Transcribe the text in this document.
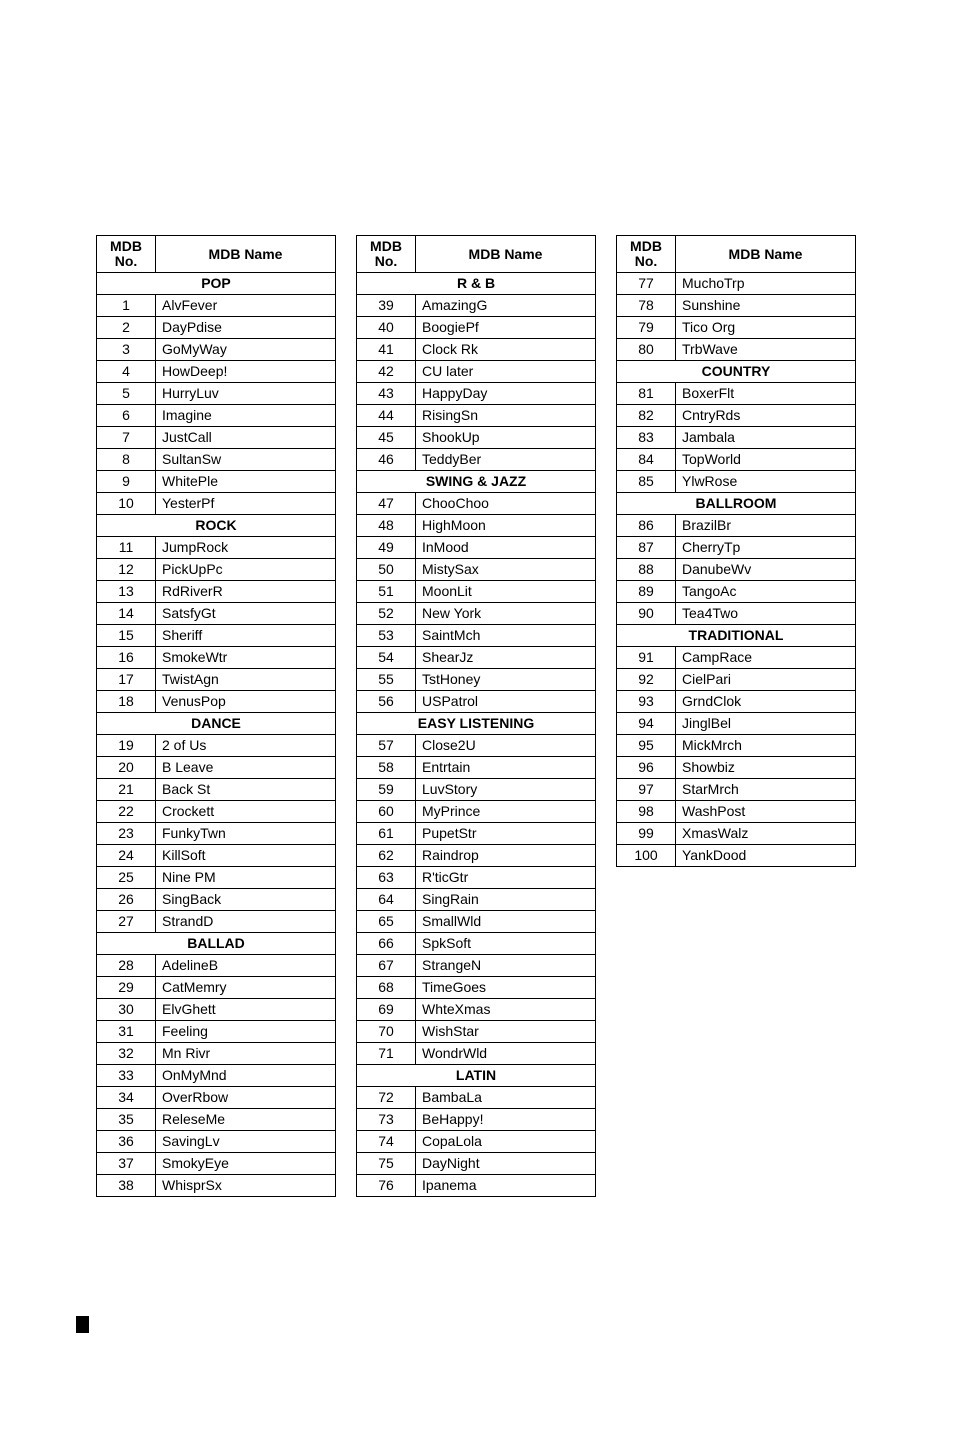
MDB No.	MDB Name
POP	
1	AlvFever
2	DayPdise
3	GoMyWay
4	HowDeep!
5	HurryLuv
6	Imagine
7	JustCall
8	SultanSw
9	WhitePle
10	YesterPf
ROCK	
11	JumpRock
12	PickUpPc
13	RdRiverR
14	SatsfyGt
15	Sheriff
16	SmokeWtr
17	TwistAgn
18	VenusPop
DANCE	
19	2 of Us
20	B Leave
21	Back St
22	Crockett
23	FunkyTwn
24	KillSoft
25	Nine PM
26	SingBack
27	StrandD
BALLAD	
28	AdelineB
29	CatMemry
30	ElvGhett
31	Feeling
32	Mn Rivr
33	OnMyMnd
34	OverRbow
35	ReleseMe
36	SavingLv
37	SmokyEye
38	WhisprSx
MDB No.	MDB Name
R & B	
39	AmazingG
40	BoogiePf
41	Clock Rk
42	CU later
43	HappyDay
44	RisingSn
45	ShookUp
46	TeddyBer
SWING & JAZZ	
47	ChooChoo
48	HighMoon
49	InMood
50	MistySax
51	MoonLit
52	New York
53	SaintMch
54	ShearJz
55	TstHoney
56	USPatrol
EASY LISTENING	
57	Close2U
58	Entrtain
59	LuvStory
60	MyPrince
61	PupetStr
62	Raindrop
63	R'ticGtr
64	SingRain
65	SmallWld
66	SpkSoft
67	StrangeN
68	TimeGoes
69	WhteXmas
70	WishStar
71	WondrWld
LATIN	
72	BambaLa
73	BeHappy!
74	CopaLola
75	DayNight
76	Ipanema
MDB No.	MDB Name
77	MuchoTrp
78	Sunshine
79	Tico Org
80	TrbWave
COUNTRY	
81	BoxerFlt
82	CntryRds
83	Jambala
84	TopWorld
85	YlwRose
BALLROOM	
86	BrazilBr
87	CherryTp
88	DanubeWv
89	TangoAc
90	Tea4Two
TRADITIONAL	
91	CampRace
92	CielPari
93	GrndClok
94	JinglBel
95	MickMrch
96	Showbiz
97	StarMrch
98	WashPost
99	XmasWalz
100	YankDood
